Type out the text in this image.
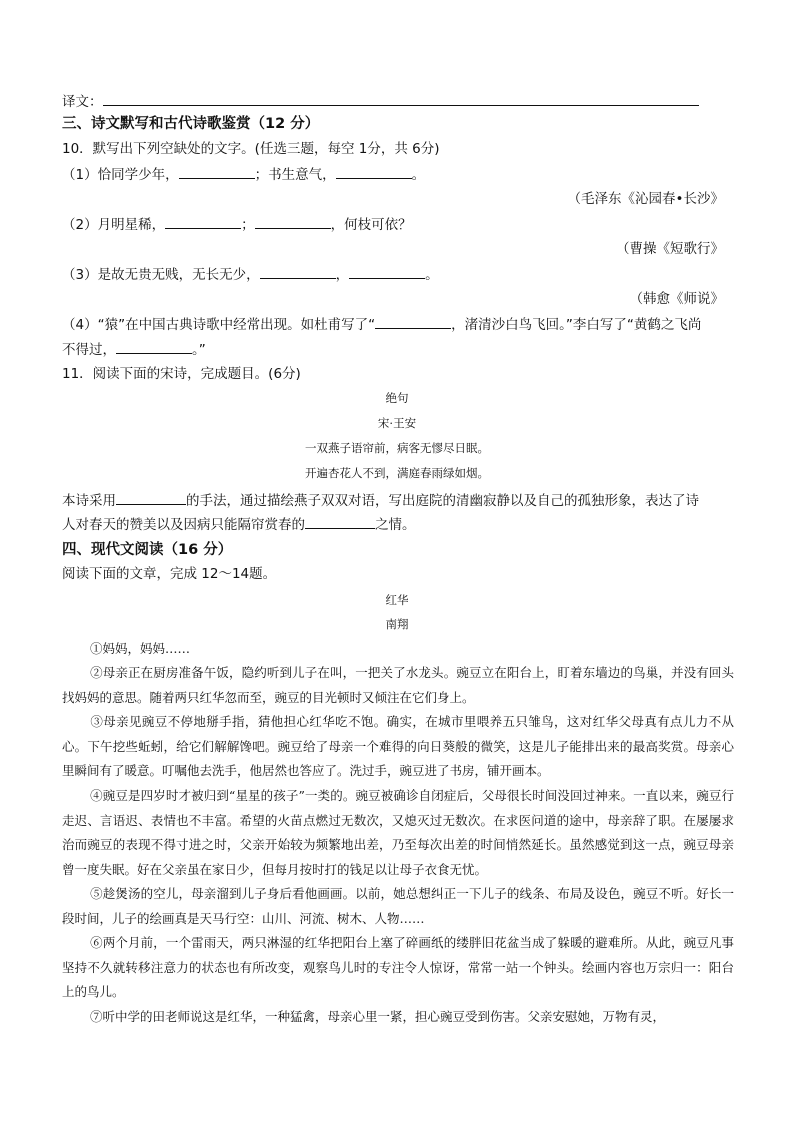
译文：
三、诗文默写和古代诗歌鉴赏（12 分）
10．默写出下列空缺处的文字。(任选三题，每空 1分，共 6分)
（1）恰同学少年，	；书生意气，	。
（毛泽东《沁园春•长沙》
（2）月明星稀，	；	，何枝可依？
（曹操《短歌行》
（3）是故无贵无贱，无长无少，	，	。
（韩愈《师说》
（4）“猿”在中国古典诗歌中经常出现。如杜甫写了“	，渚清沙白鸟飞回。”李白写了“黄鹤之飞尚
不得过，	。”
11．阅读下面的宋诗，完成题目。(6分)
绝句
宋·王安
一双燕子语帘前，病客无憀尽日眠。
开遍杏花人不到，满庭春雨绿如烟。
本诗采用	的手法，通过描绘燕子双双对语，写出庭院的清幽寂静以及自己的孤独形象，表达了诗
人对春天的赞美以及因病只能隔帘赏春的	之情。
四、现代文阅读（16 分）
阅读下面的文章，完成 12～14题。
红华
南翔
①妈妈，妈妈……
②母亲正在厨房准备午饭，隐约听到儿子在叫，一把关了水龙头。豌豆立在阳台上，盯着东墙边的鸟巢，并没有回头找妈妈的意思。随着两只红华忽而至，豌豆的目光顿时又倾注在它们身上。
③母亲见豌豆不停地掰手指，猜他担心红华吃不饱。确实，在城市里喂养五只雏鸟，这对红华父母真有点儿力不从心。下午挖些蚯蚓，给它们解解馋吧。豌豆给了母亲一个难得的向日葵般的微笑，这是儿子能排出来的最高奖赏。母亲心里瞬间有了暖意。叮嘱他去洗手，他居然也答应了。洗过手，豌豆进了书房，铺开画本。
④豌豆是四岁时才被归到“星星的孩子”一类的。豌豆被确诊自闭症后，父母很长时间没回过神来。一直以来，豌豆行走迟、言语迟、表情也不丰富。希望的火苗点燃过无数次，又熄灭过无数次。在求医问道的途中，母亲辞了职。在屡屡求治而豌豆的表现不得寸进之时，父亲开始较为频繁地出差，乃至每次出差的时间悄然延长。虽然感觉到这一点，豌豆母亲曾一度失眠。好在父亲虽在家日少，但每月按时打的钱足以让母子衣食无忧。
⑤趁煲汤的空儿，母亲溜到儿子身后看他画画。以前，她总想纠正一下儿子的线条、布局及设色，豌豆不听。好长一段时间，儿子的绘画真是天马行空：山川、河流、树木、人物……
⑥两个月前，一个雷雨天，两只淋湿的红华把阳台上塞了碎画纸的缕胖旧花盆当成了躲暖的避难所。从此，豌豆凡事坚持不久就转移注意力的状态也有所改变，观察鸟儿时的专注令人惊讶，常常一站一个钟头。绘画内容也万宗归一：阳台上的鸟儿。
⑦听中学的田老师说这是红华，一种猛禽，母亲心里一紧，担心豌豆受到伤害。父亲安慰她，万物有灵，
